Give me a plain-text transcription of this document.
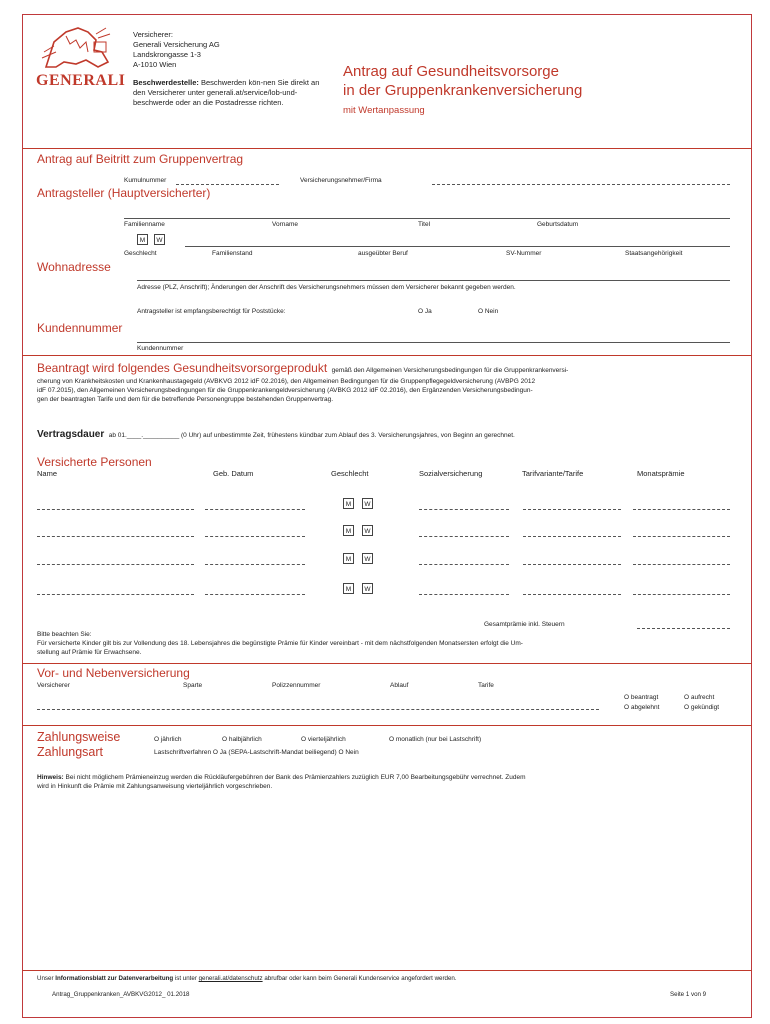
GENERALI
Versicherer:
Generali Versicherung AG
Landskrongasse 1-3
A-1010 Wien
Beschwerdestelle: Beschwerden kön-nen Sie direkt an den Versicherer unter generali.at/service/lob-und-beschwerde oder an die Postadresse richten.
Antrag auf Gesundheitsvorsorge
in der Gruppenkrankenversicherung
mit Wertanpassung
Antrag auf Beitritt zum Gruppenvertrag
Kumulnummer	Versicherungsnehmer/Firma
Antragsteller (Hauptversicherter)
Familienname	Vorname	Titel	Geburtsdatum
M	W
Geschlecht	Familienstand	ausgeübter Beruf	SV-Nummer	Staatsangehörigkeit
Wohnadresse
Adresse (PLZ, Anschrift); Änderungen der Anschrift des Versicherungsnehmers müssen dem Versicherer bekannt gegeben werden.
Antragsteller ist empfangsberechtigt für Poststücke:	O Ja	O Nein
Kundennummer
Kundennummer
Beantragt wird folgendes Gesundheitsvorsorgeprodukt gemäß den Allgemeinen Versicherungsbedingungen für die Gruppenkrankenversi-
cherung von Krankheitskosten und Krankenhaustagegeld (AVBKVG 2012 idF 02.2016), den Allgemeinen Bedingungen für die Gruppenpflegegeldversicherung (AVBPG 2012
idF 07.2015), den Allgemeinen Versicherungsbedingungen für die Gruppenkrankengeldversicherung (AVBKG 2012 idF 02.2016), den Ergänzenden Versicherungsbedingun-
gen der beantragten Tarife und dem für die betreffende Personengruppe bestehenden Gruppenvertrag.
Vertragsdauer ab 01.____.__________ (0 Uhr) auf unbestimmte Zeit, frühestens kündbar zum Ablauf des 3. Versicherungsjahres, von Beginn an gerechnet.
Versicherte Personen
Name	Geb. Datum	Geschlecht	Sozialversicherung	Tarifvariante/Tarife	Monatsprämie
M	W
M	W
M	W
M	W
Gesamtprämie inkl. Steuern
Bitte beachten Sie:
Für versicherte Kinder gilt bis zur Vollendung des 18. Lebensjahres die begünstigte Prämie für Kinder vereinbart - mit dem nächstfolgenden Monatsersten erfolgt die Um-
stellung auf Prämie für Erwachsene.
Vor- und Nebenversicherung
Versicherer	Sparte	Polizzennummer	Ablauf	Tarife
O beantragt	O aufrecht
O abgelehnt	O gekündigt
Zahlungsweise
Zahlungsart
O jährlich	O halbjährlich	O vierteljährlich	O monatlich (nur bei Lastschrift)
Lastschriftverfahren O Ja (SEPA-Lastschrift-Mandat beiliegend) O Nein
Hinweis: Bei nicht möglichem Prämieneinzug werden die Rückläufergebühren der Bank des Prämienzahlers zuzüglich EUR 7,00 Bearbeitungsgebühr verrechnet. Zudem
wird in Hinkunft die Prämie mit Zahlungsanweisung vierteljährlich vorgeschrieben.
Unser Informationsblatt zur Datenverarbeitung ist unter generali.at/datenschutz abrufbar oder kann beim Generali Kundenservice angefordert werden.
Antrag_Gruppenkranken_AVBKVG2012_ 01.2018	Seite 1 von 9
